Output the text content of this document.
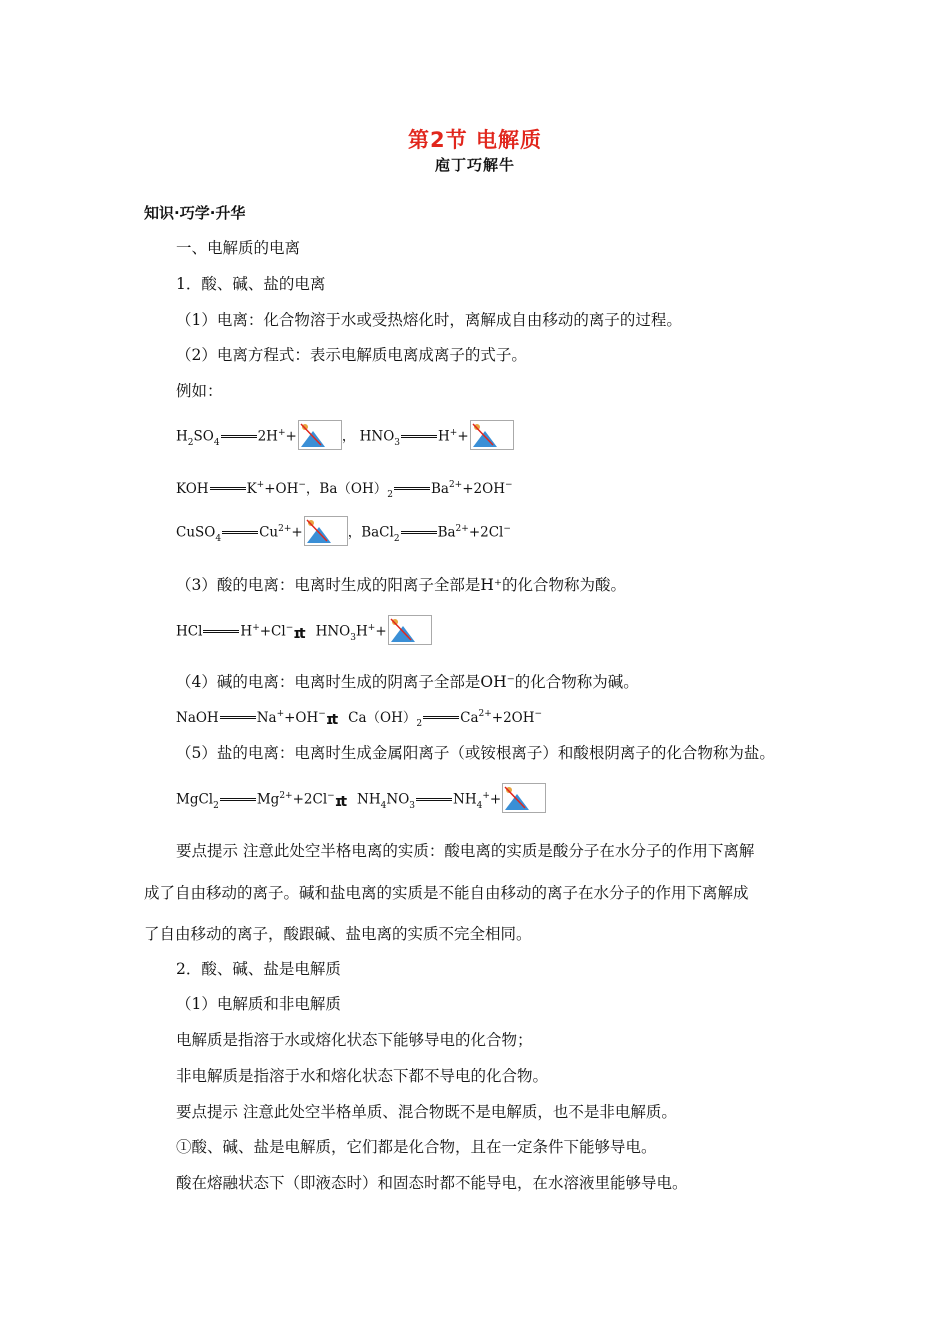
第2节 电解质
庖丁巧解牛
知识·巧学·升华
一、电解质的电离
1．酸、碱、盐的电离
（1）电离：化合物溶于水或受热熔化时，离解成自由移动的离子的过程。
（2）电离方程式：表示电解质电离成离子的式子。
例如：
$H_2SO_4$	2H++	， $HNO_3$	H++
KOH	K++OH−，$Ba(OH)_2$	$Ba^{2+}+2OH^-$
CuSO$_4$	$Cu^{2+}+$	，BaCl$_2$	$Ba^{2+}+2Cl^-$
（3）酸的电离：电离时生成的阳离子全部是H⁺的化合物称为酸。
HCl	H++Cl−ɪt $HNO_3H^++$
（4）碱的电离：电离时生成的阴离子全部是OH⁻的化合物称为碱。
NaOH	Na++OH−ɪt $Ca(OH)_2$	$Ca^{2+}+2OH^-$
（5）盐的电离：电离时生成金属阳离子（或铵根离子）和酸根阴离子的化合物称为盐。
MgCl$_2$	$Mg^{2+}+2Cl^-ɪt$ $NH_4NO_3$	$NH_4^++$
要点提示 注意此处空半格电离的实质：酸电离的实质是酸分子在水分子的作用下离解
成了自由移动的离子。碱和盐电离的实质是不能自由移动的离子在水分子的作用下离解成
了自由移动的离子，酸跟碱、盐电离的实质不完全相同。
2．酸、碱、盐是电解质
（1）电解质和非电解质
电解质是指溶于水或熔化状态下能够导电的化合物；
非电解质是指溶于水和熔化状态下都不导电的化合物。
要点提示 注意此处空半格单质、混合物既不是电解质，也不是非电解质。
①酸、碱、盐是电解质，它们都是化合物，且在一定条件下能够导电。
酸在熔融状态下（即液态时）和固态时都不能导电，在水溶液里能够导电。
